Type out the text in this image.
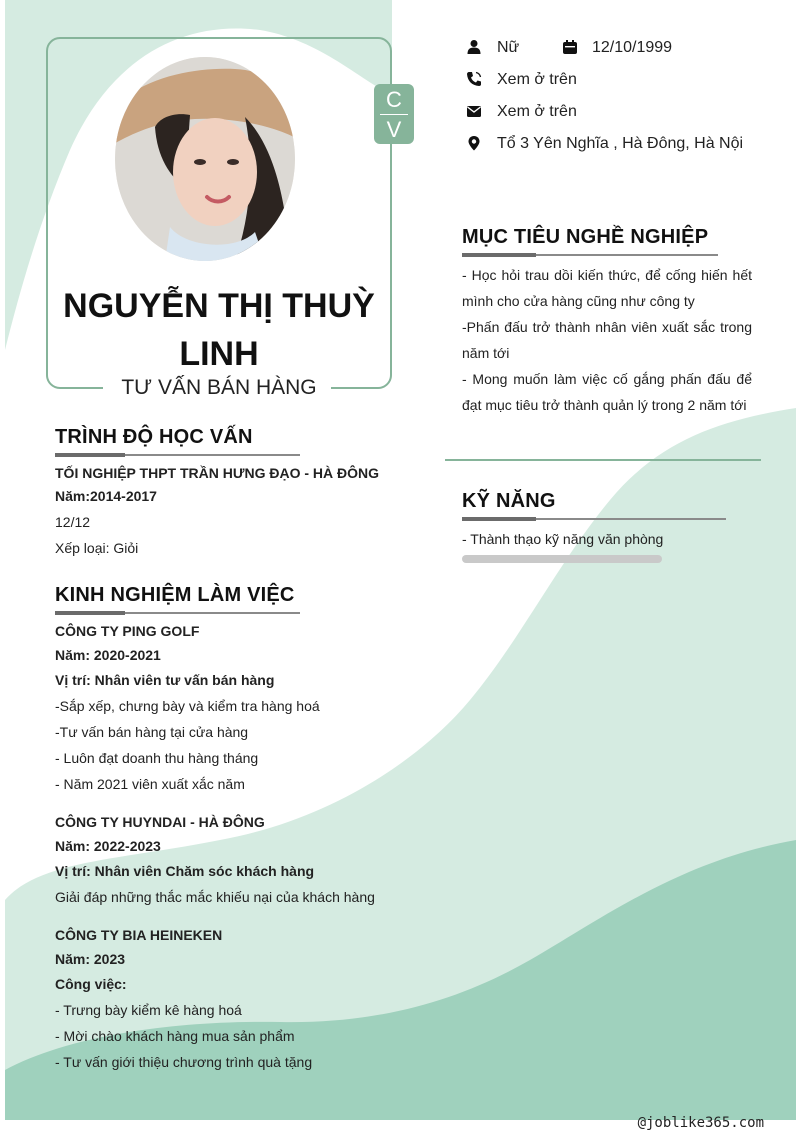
C
V
NGUYỄN THỊ THUỲ LINH
TƯ VẤN BÁN HÀNG
Nữ	12/10/1999
Xem ở trên
Xem ở trên
Tổ 3 Yên Nghĩa , Hà Đông, Hà Nội
MỤC TIÊU NGHỀ NGHIỆP
- Học hỏi trau dồi kiến thức, để cống hiến hết mình cho cửa hàng cũng như công ty
-Phấn đấu trở thành nhân viên xuất sắc trong năm tới
- Mong muốn làm việc cố gắng phấn đấu để đạt mục tiêu trở thành quản lý trong 2 năm tới
KỸ NĂNG
- Thành thạo kỹ năng văn phòng
TRÌNH ĐỘ HỌC VẤN
TỐI NGHIỆP THPT TRẦN HƯNG ĐẠO - HÀ ĐÔNG
Năm:2014-2017
12/12
Xếp loại: Giỏi
KINH NGHIỆM LÀM VIỆC
CÔNG TY PING GOLF
Năm: 2020-2021
Vị trí: Nhân viên tư vấn bán hàng
-Sắp xếp, chưng bày và kiểm tra hàng hoá
-Tư vấn bán hàng tại cửa hàng
- Luôn đạt doanh thu hàng tháng
- Năm 2021 viên xuất xắc năm
CÔNG TY HUYNDAI - HÀ ĐÔNG
Năm: 2022-2023
Vị trí: Nhân viên Chăm sóc khách hàng
Giải đáp những thắc mắc khiếu nại của khách hàng
CÔNG TY BIA HEINEKEN
Năm: 2023
Công việc:
- Trưng bày kiểm kê hàng hoá
- Mời chào khách hàng mua sản phẩm
- Tư vấn giới thiệu chương trình quà tặng
@joblike365.com
